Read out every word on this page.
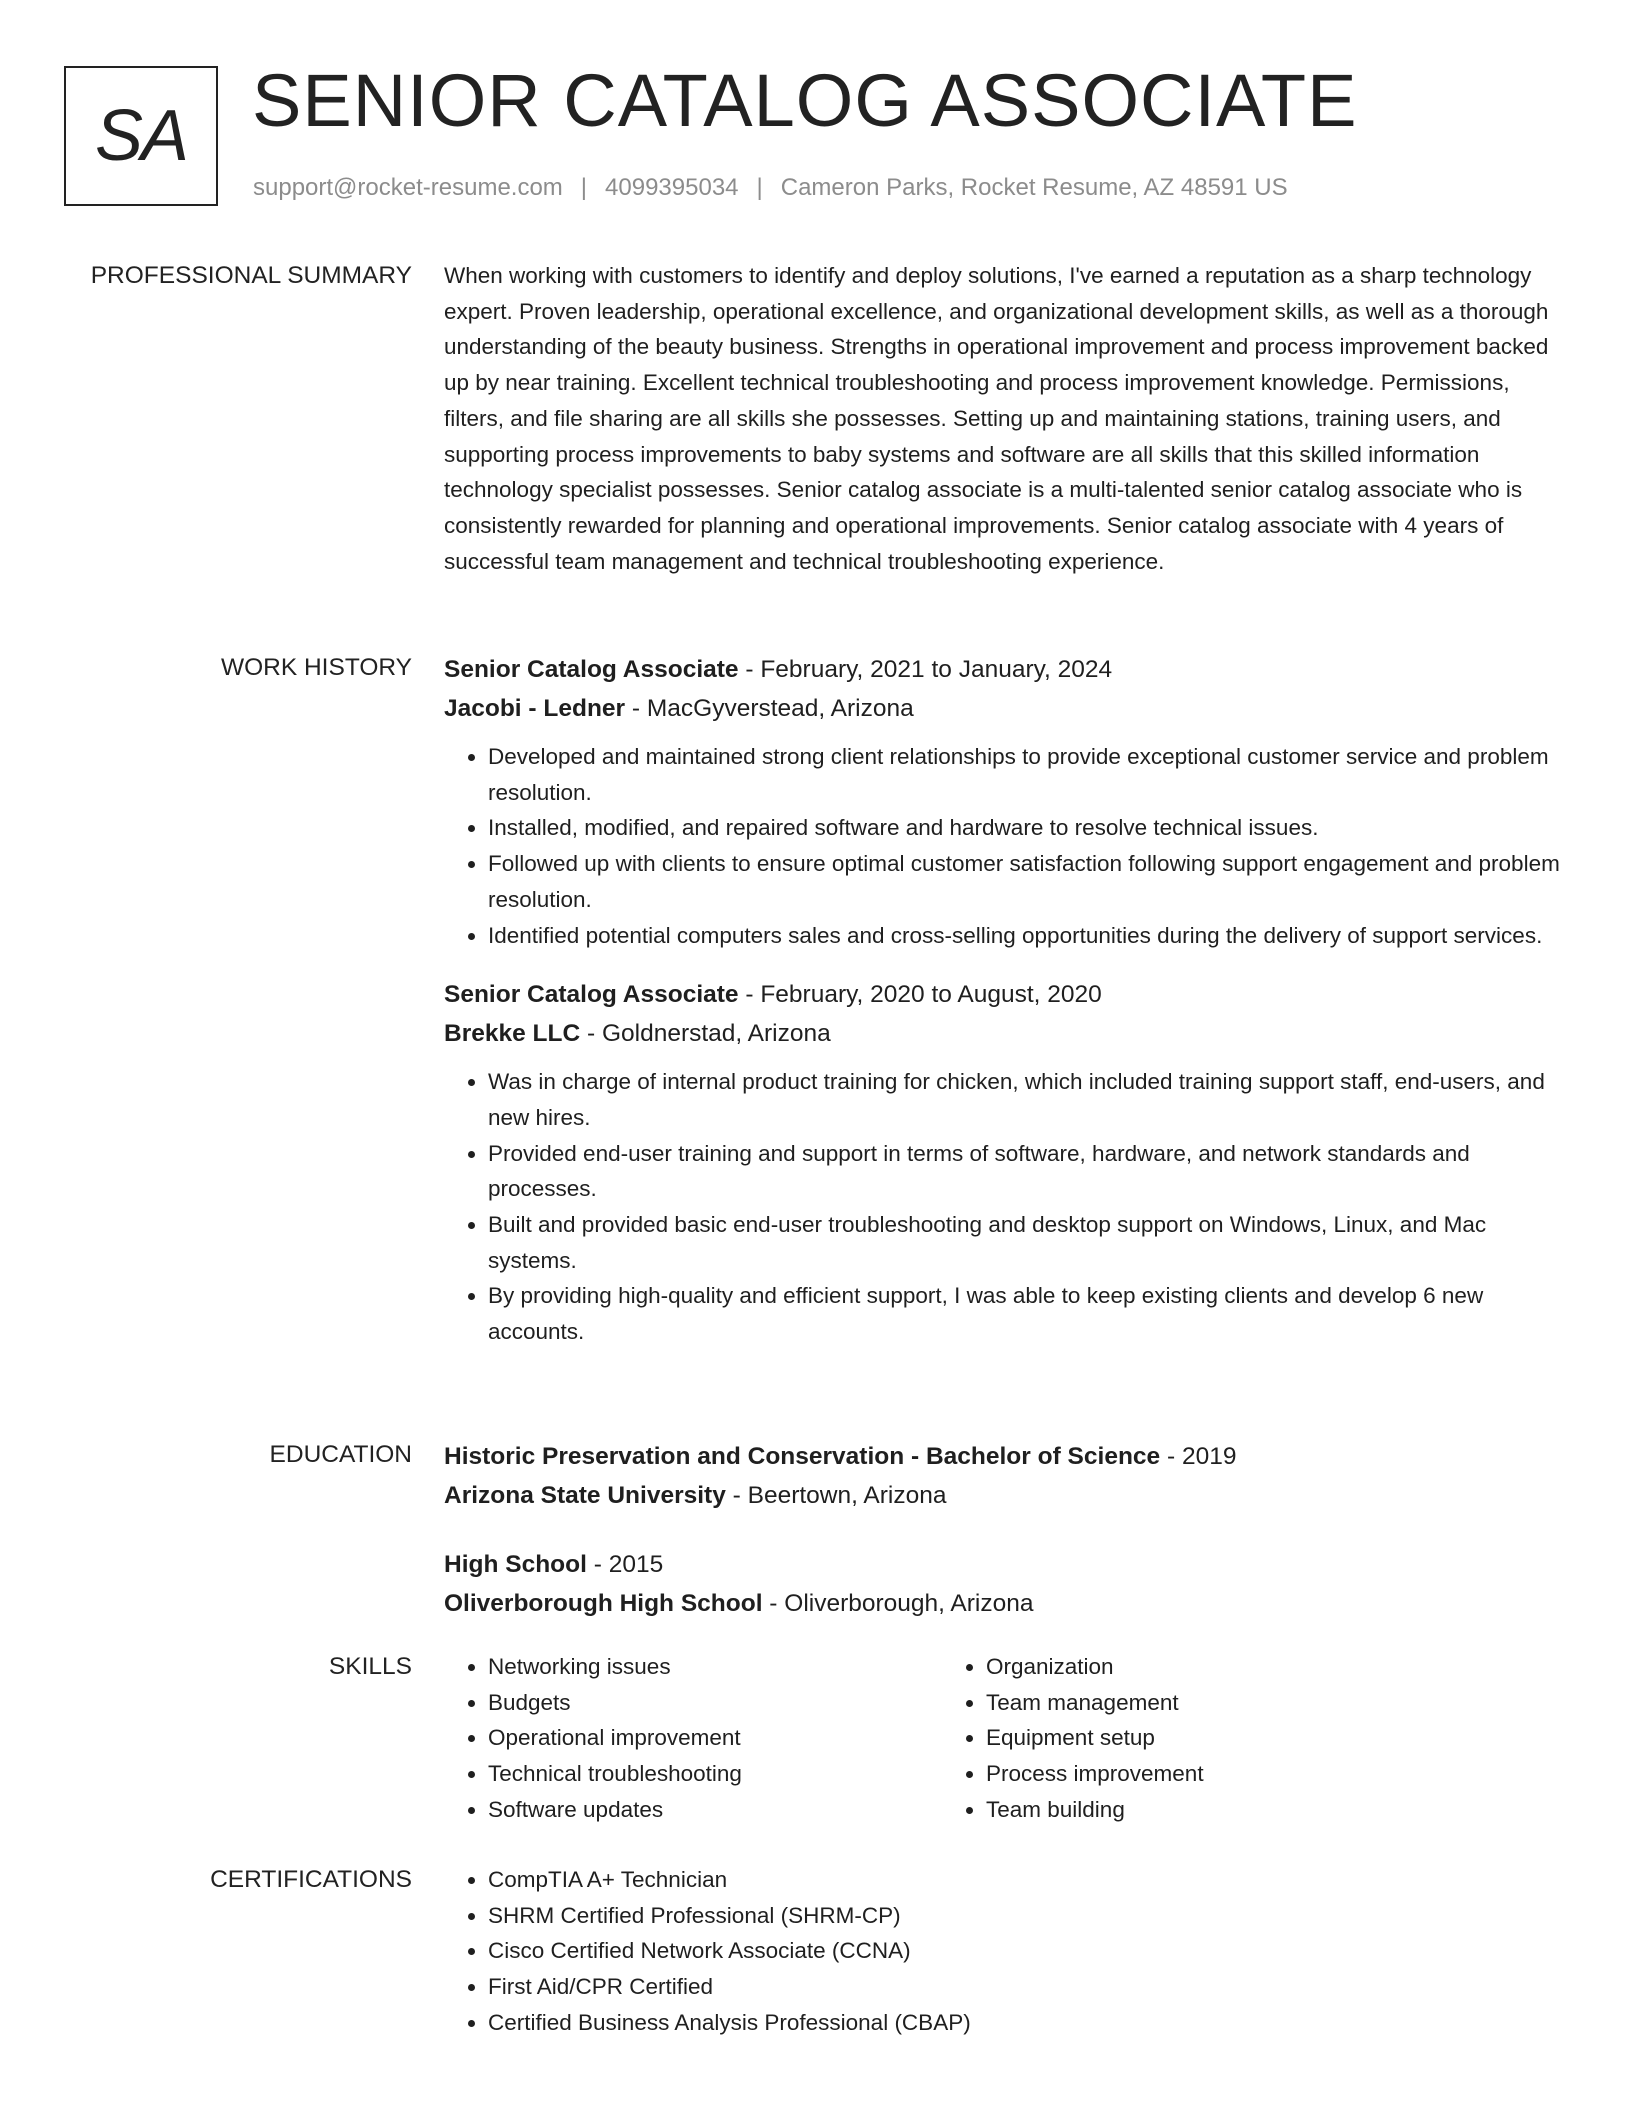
SA SENIOR CATALOG ASSOCIATE
support@rocket-resume.com | 4099395034 | Cameron Parks, Rocket Resume, AZ 48591 US
PROFESSIONAL SUMMARY When working with customers to identify and deploy solutions, I've earned a reputation as a sharp technology expert. Proven leadership, operational excellence, and organizational development skills, as well as a thorough understanding of the beauty business. Strengths in operational improvement and process improvement backed up by near training. Excellent technical troubleshooting and process improvement knowledge. Permissions, filters, and file sharing are all skills she possesses. Setting up and maintaining stations, training users, and supporting process improvements to baby systems and software are all skills that this skilled information technology specialist possesses. Senior catalog associate is a multi-talented senior catalog associate who is consistently rewarded for planning and operational improvements. Senior catalog associate with 4 years of successful team management and technical troubleshooting experience.

WORK HISTORY Senior Catalog Associate - February, 2021 to January, 2024
Jacobi - Ledner - MacGyverstead, Arizona
• Developed and maintained strong client relationships to provide exceptional customer service and problem resolution.
• Installed, modified, and repaired software and hardware to resolve technical issues.
• Followed up with clients to ensure optimal customer satisfaction following support engagement and problem resolution.
• Identified potential computers sales and cross-selling opportunities during the delivery of support services.
Senior Catalog Associate - February, 2020 to August, 2020
Brekke LLC - Goldnerstad, Arizona
• Was in charge of internal product training for chicken, which included training support staff, end-users, and new hires.
• Provided end-user training and support in terms of software, hardware, and network standards and processes.
• Built and provided basic end-user troubleshooting and desktop support on Windows, Linux, and Mac systems.
• By providing high-quality and efficient support, I was able to keep existing clients and develop 6 new accounts.
EDUCATION Historic Preservation and Conservation - Bachelor of Science - 2019
Arizona State University - Beertown, Arizona
High School - 2015
Oliverborough High School - Oliverborough, Arizona
SKILLS	• Networking issues
• Budgets
• Operational improvement
• Technical troubleshooting
• Software updates
• Organization
• Team management
• Equipment setup
• Process improvement
• Team building
CERTIFICATIONS	• CompTIA A+ Technician
• SHRM Certified Professional (SHRM-CP)
• Cisco Certified Network Associate (CCNA)
• First Aid/CPR Certified
• Certified Business Analysis Professional (CBAP)
